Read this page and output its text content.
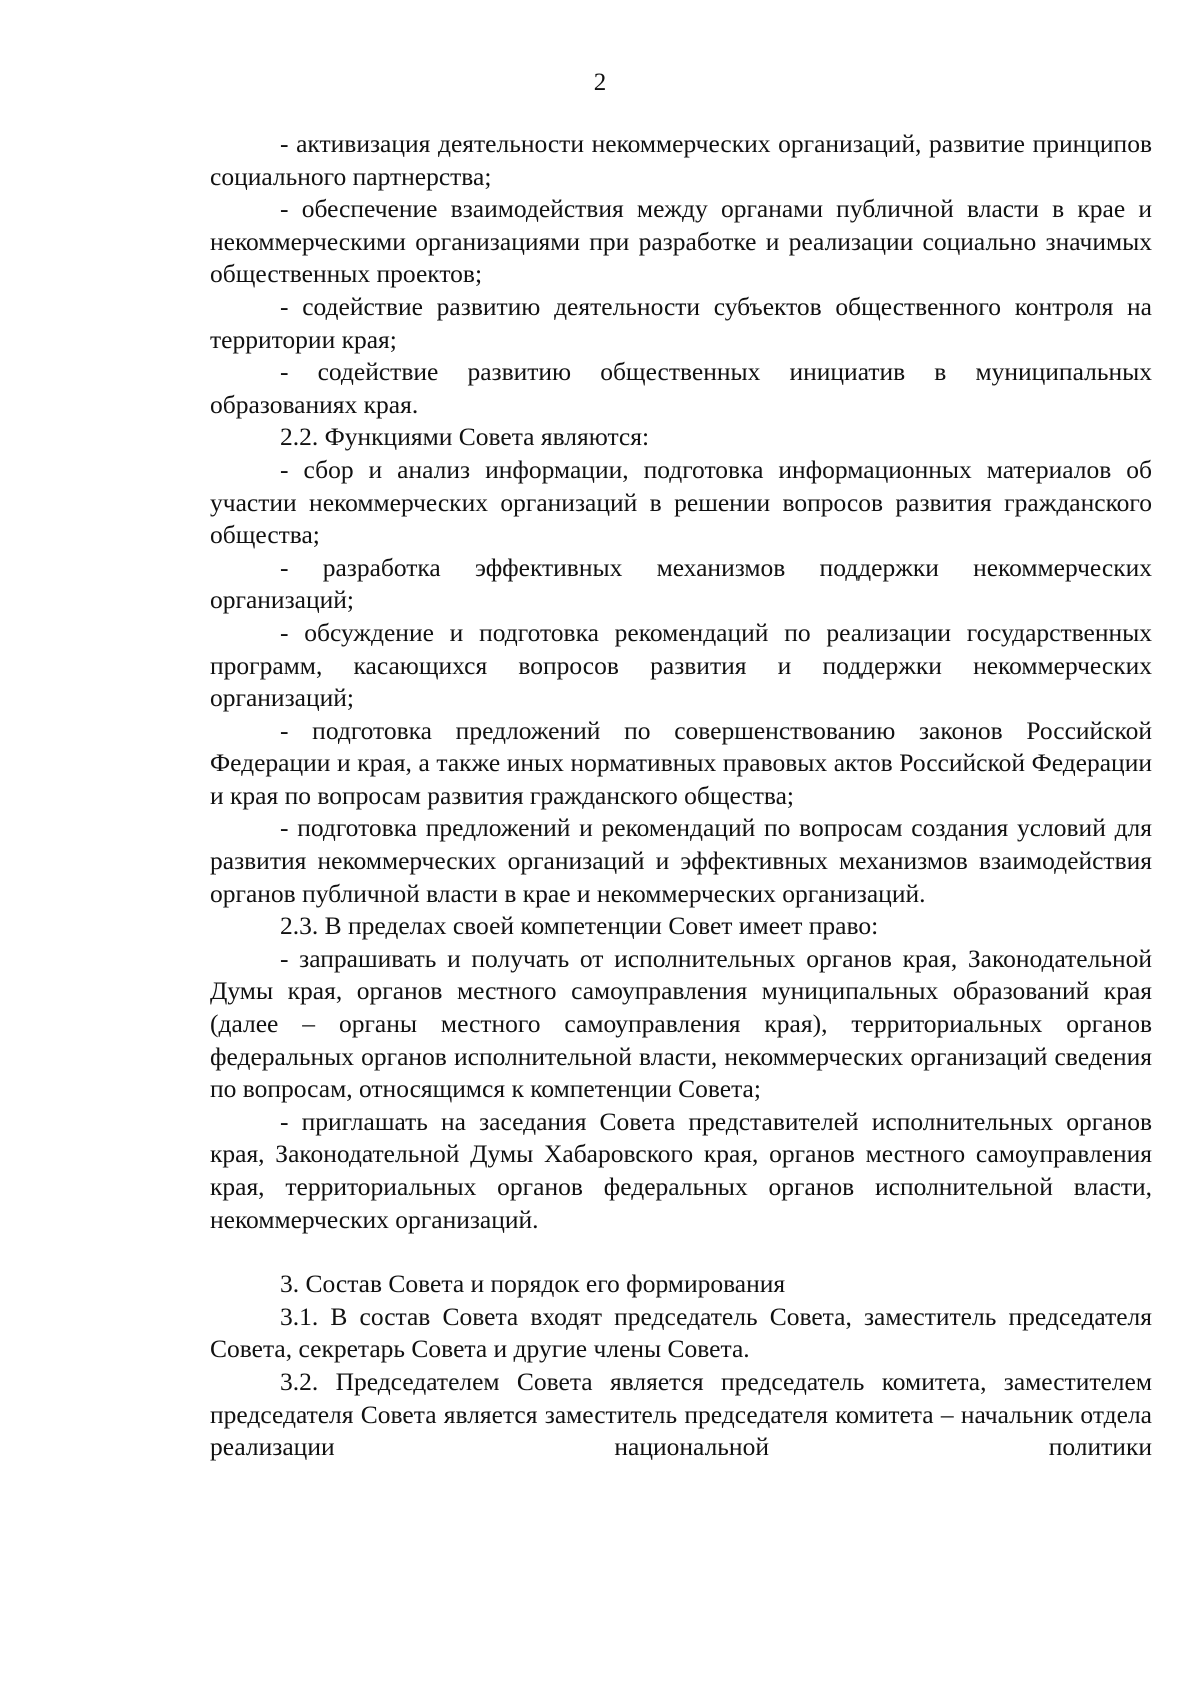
2

- активизация деятельности некоммерческих организаций, развитие принципов социального партнерства;

- обеспечение взаимодействия между органами публичной власти в крае и некоммерческими организациями при разработке и реализации социально значимых общественных проектов;

- содействие развитию деятельности субъектов общественного контроля на территории края;

- содействие развитию общественных инициатив в муниципальных образованиях края.

2.2. Функциями Совета являются:

- сбор и анализ информации, подготовка информационных материалов об участии некоммерческих организаций в решении вопросов развития гражданского общества;

- разработка эффективных механизмов поддержки некоммерческих организаций;

- обсуждение и подготовка рекомендаций по реализации государственных программ, касающихся вопросов развития и поддержки некоммерческих организаций;

- подготовка предложений по совершенствованию законов Российской Федерации и края, а также иных нормативных правовых актов Российской Федерации и края по вопросам развития гражданского общества;

- подготовка предложений и рекомендаций по вопросам создания условий для развития некоммерческих организаций и эффективных механизмов взаимодействия органов публичной власти в крае и некоммерческих организаций.

2.3. В пределах своей компетенции Совет имеет право:

- запрашивать и получать от исполнительных органов края, Законодательной Думы края, органов местного самоуправления муниципальных образований края (далее – органы местного самоуправления края), территориальных органов федеральных органов исполнительной власти, некоммерческих организаций сведения по вопросам, относящимся к компетенции Совета;

- приглашать на заседания Совета представителей исполнительных органов края, Законодательной Думы Хабаровского края, органов местного самоуправления края, территориальных органов федеральных органов исполнительной власти, некоммерческих организаций.

3. Состав Совета и порядок его формирования

3.1. В состав Совета входят председатель Совета, заместитель председателя Совета, секретарь Совета и другие члены Совета.

3.2. Председателем Совета является председатель комитета, заместителем председателя Совета является заместитель председателя комитета – начальник отдела реализации национальной политики
